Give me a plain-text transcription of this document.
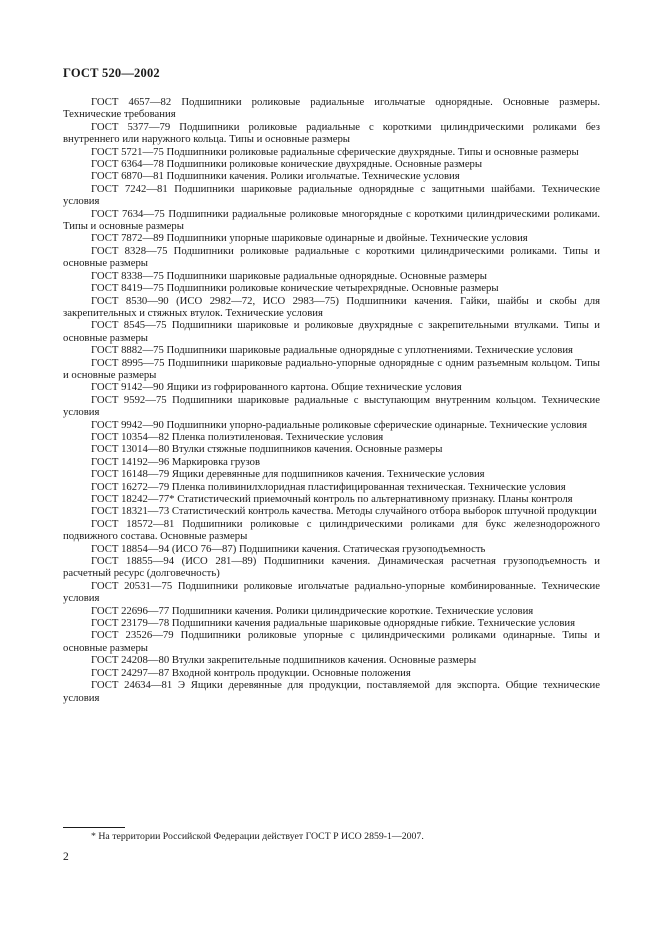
ГОСТ 520—2002

ГОСТ 4657—82 Подшипники роликовые радиальные игольчатые однорядные. Основные размеры. Технические требования

ГОСТ 5377—79 Подшипники роликовые радиальные с короткими цилиндрическими роликами без внутреннего или наружного кольца. Типы и основные размеры

ГОСТ 5721—75 Подшипники роликовые радиальные сферические двухрядные. Типы и основные размеры

ГОСТ 6364—78 Подшипники роликовые конические двухрядные. Основные размеры

ГОСТ 6870—81 Подшипники качения. Ролики игольчатые. Технические условия

ГОСТ 7242—81 Подшипники шариковые радиальные однорядные с защитными шайбами. Технические условия

ГОСТ 7634—75 Подшипники радиальные роликовые многорядные с короткими цилиндрическими роликами. Типы и основные размеры

ГОСТ 7872—89 Подшипники упорные шариковые одинарные и двойные. Технические условия

ГОСТ 8328—75 Подшипники роликовые радиальные с короткими цилиндрическими роликами. Типы и основные размеры

ГОСТ 8338—75 Подшипники шариковые радиальные однорядные. Основные размеры

ГОСТ 8419—75 Подшипники роликовые конические четырехрядные. Основные размеры

ГОСТ 8530—90 (ИСО 2982—72, ИСО 2983—75) Подшипники качения. Гайки, шайбы и скобы для закрепительных и стяжных втулок. Технические условия

ГОСТ 8545—75 Подшипники шариковые и роликовые двухрядные с закрепительными втулками. Типы и основные размеры

ГОСТ 8882—75 Подшипники шариковые радиальные однорядные с уплотнениями. Технические условия

ГОСТ 8995—75 Подшипники шариковые радиально-упорные однорядные с одним разъемным кольцом. Типы и основные размеры

ГОСТ 9142—90 Ящики из гофрированного картона. Общие технические условия

ГОСТ 9592—75 Подшипники шариковые радиальные с выступающим внутренним кольцом. Технические условия

ГОСТ 9942—90 Подшипники упорно-радиальные роликовые сферические одинарные. Технические условия

ГОСТ 10354—82 Пленка полиэтиленовая. Технические условия

ГОСТ 13014—80 Втулки стяжные подшипников качения. Основные размеры

ГОСТ 14192—96 Маркировка грузов

ГОСТ 16148—79 Ящики деревянные для подшипников качения. Технические условия

ГОСТ 16272—79 Пленка поливинилхлоридная пластифицированная техническая. Технические условия

ГОСТ 18242—77* Статистический приемочный контроль по альтернативному признаку. Планы контроля

ГОСТ 18321—73 Статистический контроль качества. Методы случайного отбора выборок штучной продукции

ГОСТ 18572—81 Подшипники роликовые с цилиндрическими роликами для букс железнодорожного подвижного состава. Основные размеры

ГОСТ 18854—94 (ИСО 76—87) Подшипники качения. Статическая грузоподъемность

ГОСТ 18855—94 (ИСО 281—89) Подшипники качения. Динамическая расчетная грузоподъемность и расчетный ресурс (долговечность)

ГОСТ 20531—75 Подшипники роликовые игольчатые радиально-упорные комбинированные. Технические условия

ГОСТ 22696—77 Подшипники качения. Ролики цилиндрические короткие. Технические условия

ГОСТ 23179—78 Подшипники качения радиальные шариковые однорядные гибкие. Технические условия

ГОСТ 23526—79 Подшипники роликовые упорные с цилиндрическими роликами одинарные. Типы и основные размеры

ГОСТ 24208—80 Втулки закрепительные подшипников качения. Основные размеры

ГОСТ 24297—87 Входной контроль продукции. Основные положения

ГОСТ 24634—81 Э Ящики деревянные для продукции, поставляемой для экспорта. Общие технические условия

* На территории Российской Федерации действует ГОСТ Р ИСО 2859-1—2007.
2
